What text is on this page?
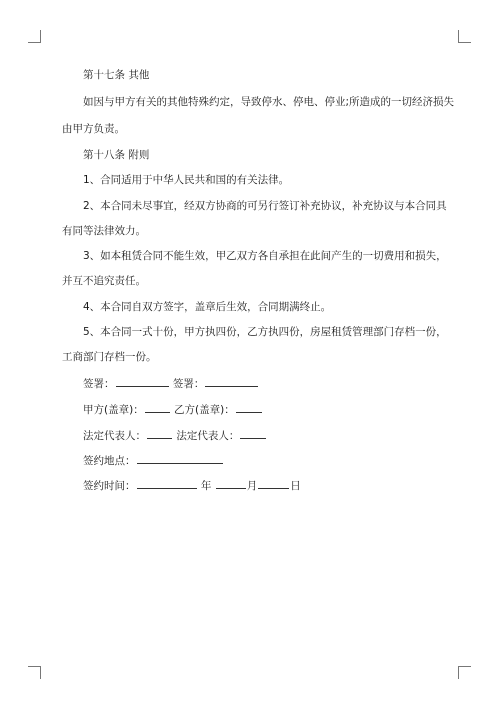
第十七条 其他
如因与甲方有关的其他特殊约定，导致停水、停电、停业;所造成的一切经济损失
由甲方负责。
第十八条 附则
1、合同适用于中华人民共和国的有关法律。
2、本合同未尽事宜，经双方协商的可另行签订补充协议，补充协议与本合同具
有同等法律效力。
3、如本租赁合同不能生效，甲乙双方各自承担在此间产生的一切费用和损失，
并互不追究责任。
4、本合同自双方签字，盖章后生效，合同期满终止。
5、本合同一式十份，甲方执四份，乙方执四份，房屋租赁管理部门存档一份，
工商部门存档一份。
签署：	签署：
甲方(盖章)：	乙方(盖章)：
法定代表人：	法定代表人：
签约地点：
签约时间：	年	月	日
